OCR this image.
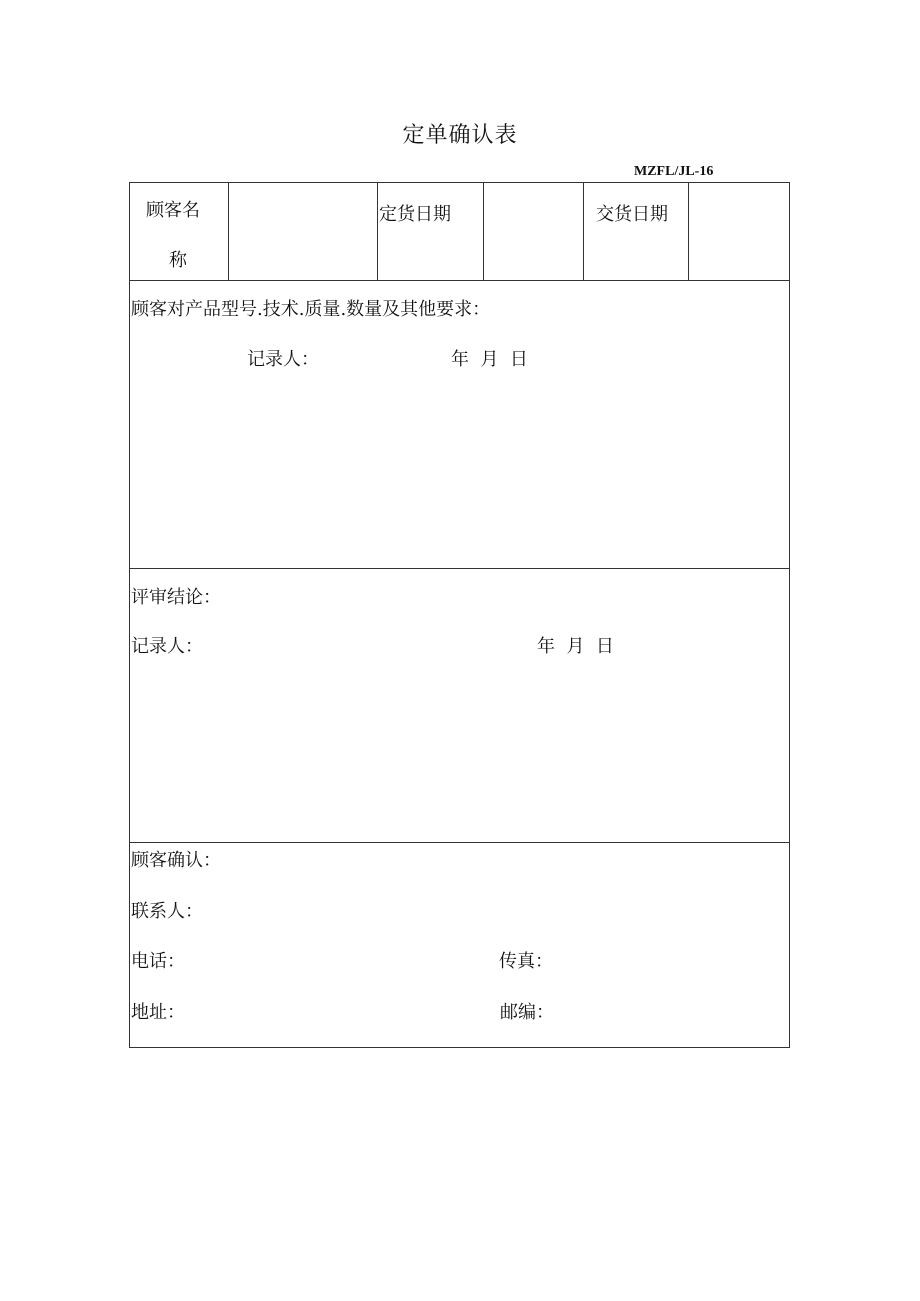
定单确认表
MZFL/JL-16
顾客名
称
定货日期	交货日期
顾客对产品型号.技术.质量.数量及其他要求：
记录人：	年  月  日
评审结论：
记录人：	年  月  日
顾客确认：
联系人：
电话：	传真：
地址：	邮编：
